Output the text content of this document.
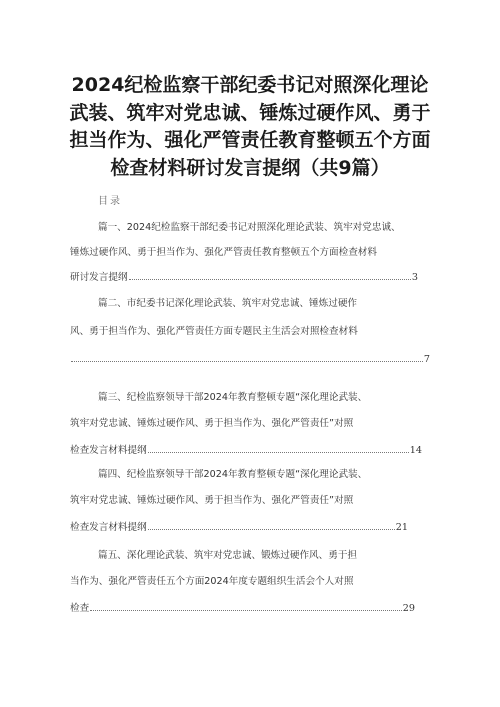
2024纪检监察干部纪委书记对照深化理论
武装、筑牢对党忠诚、锤炼过硬作风、勇于
担当作为、强化严管责任教育整顿五个方面
检查材料研讨发言提纲（共9篇）
目录
篇一、2024纪检监察干部纪委书记对照深化理论武装、筑牢对党忠诚、
锤炼过硬作风、勇于担当作为、强化严管责任教育整顿五个方面检查材料
研讨发言提纲	3
篇二、市纪委书记深化理论武装、筑牢对党忠诚、锤炼过硬作
风、勇于担当作为、强化严管责任方面专题民主生活会对照检查材料
7
篇三、纪检监察领导干部2024年教育整顿专题“深化理论武装、
筑牢对党忠诚、锤炼过硬作风、勇于担当作为、强化严管责任”对照
检查发言材料提纲	14
篇四、纪检监察领导干部2024年教育整顿专题“深化理论武装、
筑牢对党忠诚、锤炼过硬作风、勇于担当作为、强化严管责任”对照
检查发言材料提纲	21
篇五、深化理论武装、筑牢对党忠诚、锻炼过硬作风、勇于担
当作为、强化严管责任五个方面2024年度专题组织生活会个人对照
检查	29
